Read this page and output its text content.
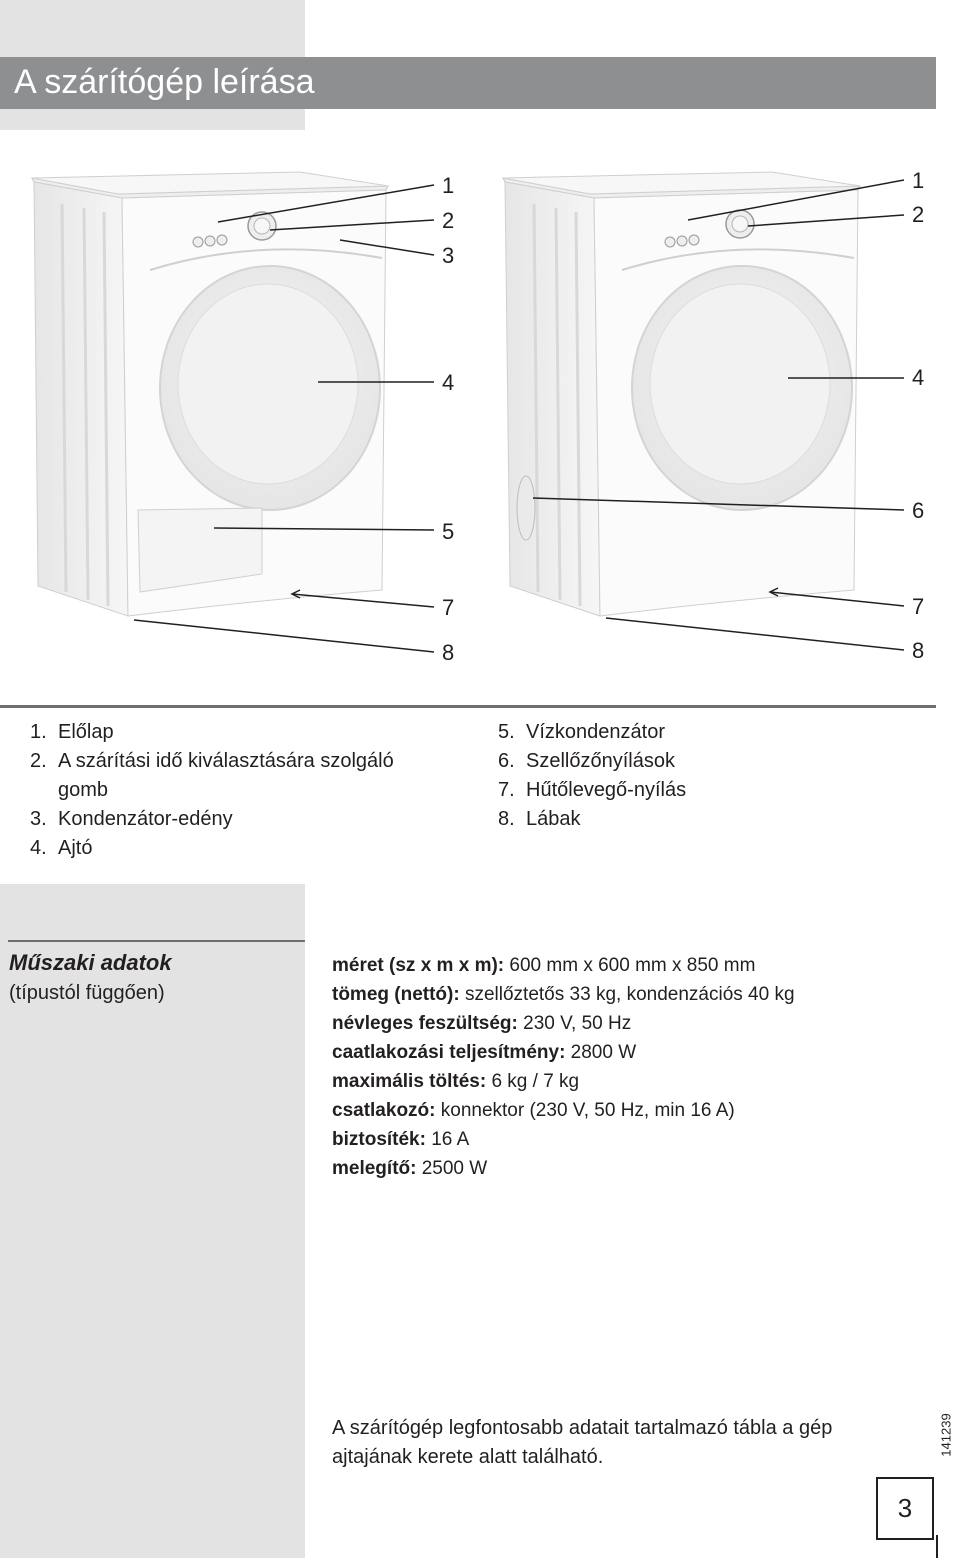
A szárítógép leírása
1
2
3
4
5
7
8
1
2
4
6
7
8
1. Előlap
2. A szárítási idő kiválasztására szolgáló
gomb
3. Kondenzátor-edény
4. Ajtó
5. Vízkondenzátor
6. Szellőzőnyílások
7. Hűtőlevegő-nyílás
8. Lábak
Műszaki adatok
(típustól függően)
méret (sz x m x m): 600 mm x 600 mm x 850 mm
tömeg (nettó): szellőztetős 33 kg, kondenzációs 40 kg
névleges feszültség: 230 V, 50 Hz
caatlakozási teljesítmény: 2800 W
maximális töltés: 6 kg / 7 kg
csatlakozó: konnektor (230 V, 50 Hz, min 16 A)
biztosíték: 16 A
melegítő: 2500 W
A szárítógép legfontosabb adatait tartalmazó tábla a gép ajtajának kerete alatt található.
141239
3
